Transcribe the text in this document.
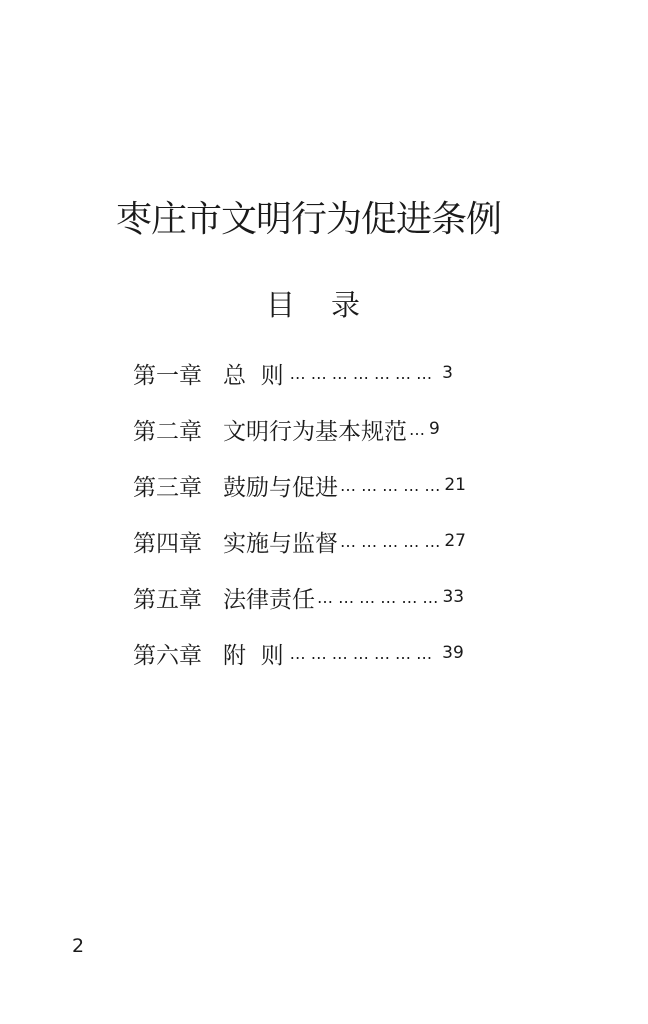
枣庄市文明行为促进条例
目 录
第一章 总  则 … … … … … … … 3
第二章 文明行为基本规范 … 9
第三章 鼓励与促进 … … … … … 21
第四章 实施与监督 … … … … … 27
第五章 法律责任 … … … … … … 33
第六章 附  则 … … … … … … … 39
2
